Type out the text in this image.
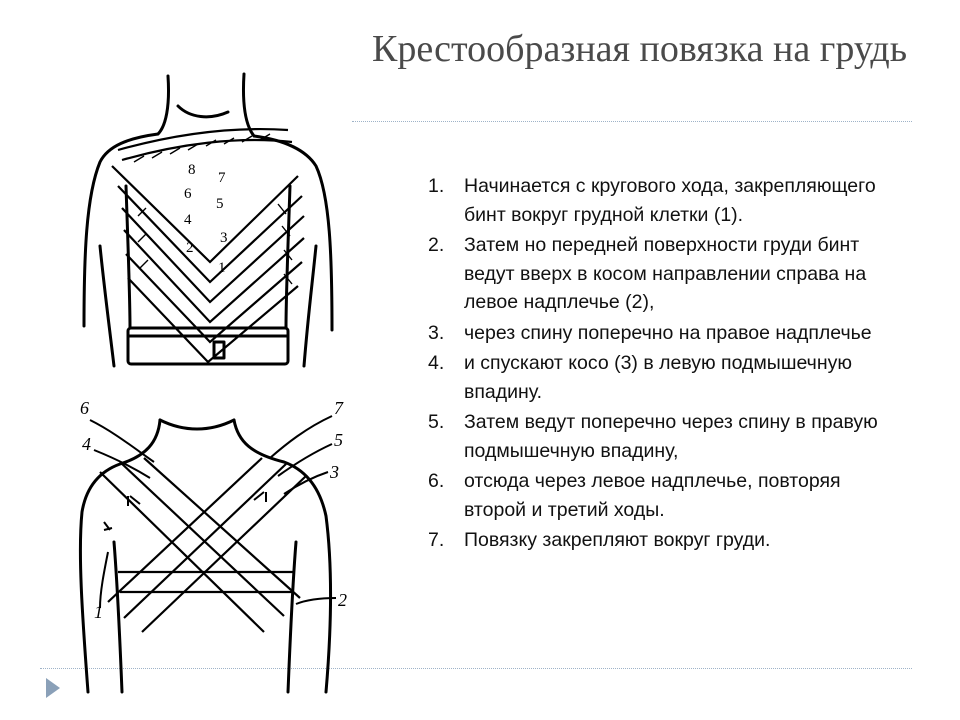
Крестообразная повязка на грудь
8 7
6
5
4
3
2
1
6
4
7
5
3
1
2
1. Начинается с кругового хода, закрепляющего бинт вокруг грудной клетки (1).
2. Затем но передней поверхности груди бинт ведут вверх в косом направлении справа на левое надплечье (2),
3. через спину поперечно на правое надплечье
4. и спускают косо (3) в левую подмышечную впадину.
5. Затем ведут поперечно через спину в правую подмышечную впадину,
6. отсюда через левое надплечье, повторяя второй и третий ходы.
7. Повязку закрепляют вокруг груди.
